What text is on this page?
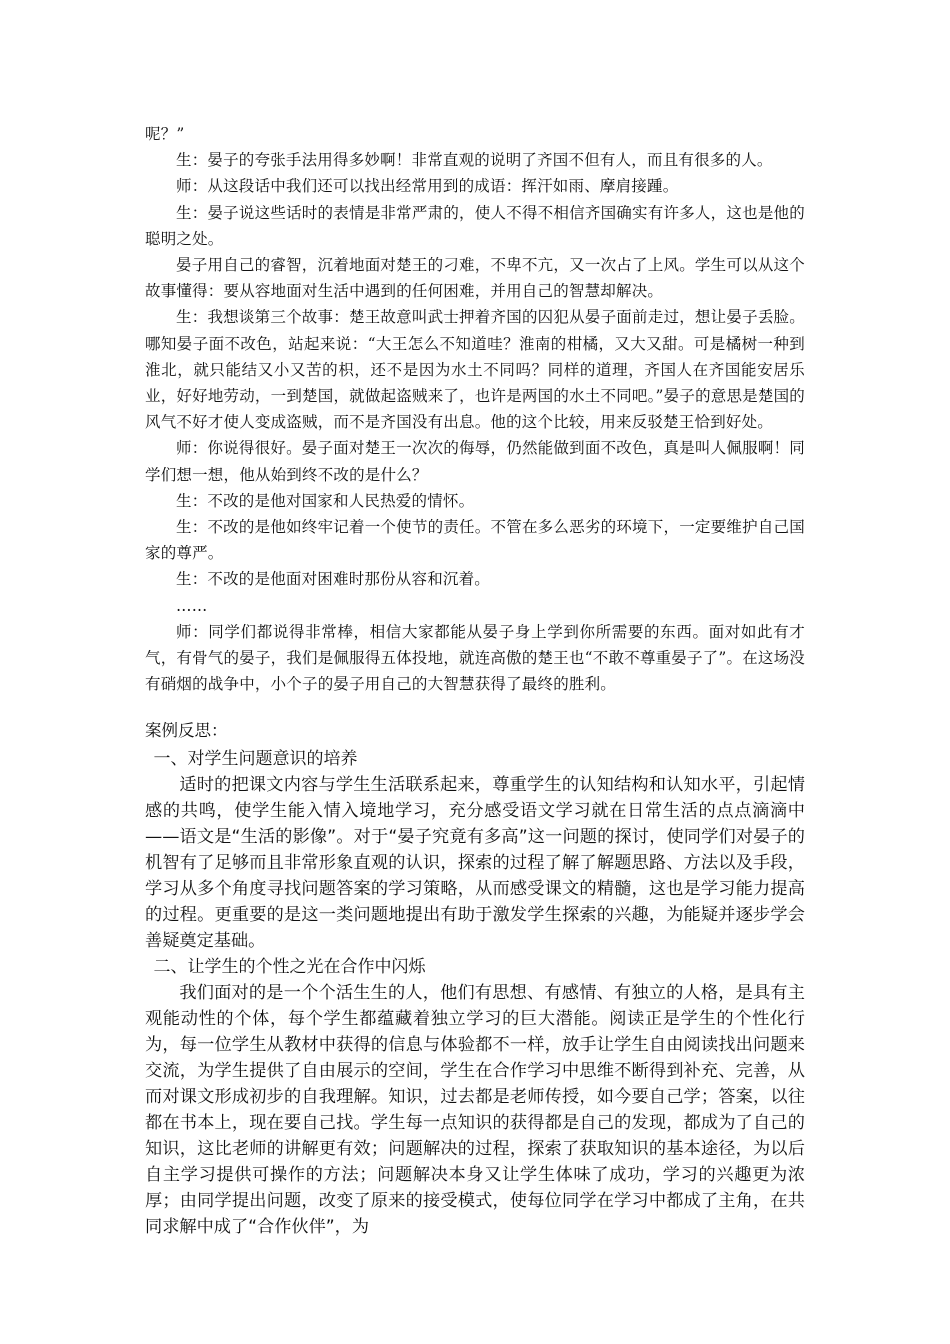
呢？”

生：晏子的夸张手法用得多妙啊！非常直观的说明了齐国不但有人，而且有很多的人。

师：从这段话中我们还可以找出经常用到的成语：挥汗如雨、摩肩接踵。

生：晏子说这些话时的表情是非常严肃的，使人不得不相信齐国确实有许多人，这也是他的聪明之处。

晏子用自己的睿智，沉着地面对楚王的刁难，不卑不亢，又一次占了上风。学生可以从这个故事懂得：要从容地面对生活中遇到的任何困难，并用自己的智慧却解决。

生：我想谈第三个故事：楚王故意叫武士押着齐国的囚犯从晏子面前走过，想让晏子丢脸。哪知晏子面不改色，站起来说：“大王怎么不知道哇？淮南的柑橘，又大又甜。可是橘树一种到淮北，就只能结又小又苦的枳，还不是因为水土不同吗？同样的道理，齐国人在齐国能安居乐业，好好地劳动，一到楚国，就做起盗贼来了，也许是两国的水土不同吧。”晏子的意思是楚国的风气不好才使人变成盗贼，而不是齐国没有出息。他的这个比较，用来反驳楚王恰到好处。

师：你说得很好。晏子面对楚王一次次的侮辱，仍然能做到面不改色，真是叫人佩服啊！同学们想一想，他从始到终不改的是什么？

生：不改的是他对国家和人民热爱的情怀。

生：不改的是他如终牢记着一个使节的责任。不管在多么恶劣的环境下，一定要维护自己国家的尊严。

生：不改的是他面对困难时那份从容和沉着。

……

师：同学们都说得非常棒，相信大家都能从晏子身上学到你所需要的东西。面对如此有才气，有骨气的晏子，我们是佩服得五体投地，就连高傲的楚王也“不敢不尊重晏子了”。在这场没有硝烟的战争中，小个子的晏子用自己的大智慧获得了最终的胜利。

案例反思：

一、对学生问题意识的培养

适时的把课文内容与学生生活联系起来，尊重学生的认知结构和认知水平，引起情感的共鸣，使学生能入情入境地学习，充分感受语文学习就在日常生活的点点滴滴中——语文是“生活的影像”。对于“晏子究竟有多高”这一问题的探讨，使同学们对晏子的机智有了足够而且非常形象直观的认识，探索的过程了解了解题思路、方法以及手段，学习从多个角度寻找问题答案的学习策略，从而感受课文的精髓，这也是学习能力提高的过程。更重要的是这一类问题地提出有助于激发学生探索的兴趣，为能疑并逐步学会善疑奠定基础。

二、让学生的个性之光在合作中闪烁

我们面对的是一个个活生生的人，他们有思想、有感情、有独立的人格，是具有主观能动性的个体，每个学生都蕴藏着独立学习的巨大潜能。阅读正是学生的个性化行为，每一位学生从教材中获得的信息与体验都不一样，放手让学生自由阅读找出问题来交流，为学生提供了自由展示的空间，学生在合作学习中思维不断得到补充、完善，从而对课文形成初步的自我理解。知识，过去都是老师传授，如今要自己学；答案，以往都在书本上，现在要自己找。学生每一点知识的获得都是自己的发现，都成为了自己的知识，这比老师的讲解更有效；问题解决的过程，探索了获取知识的基本途径，为以后自主学习提供可操作的方法；问题解决本身又让学生体味了成功，学习的兴趣更为浓厚；由同学提出问题，改变了原来的接受模式，使每位同学在学习中都成了主角，在共同求解中成了“合作伙伴”，为
